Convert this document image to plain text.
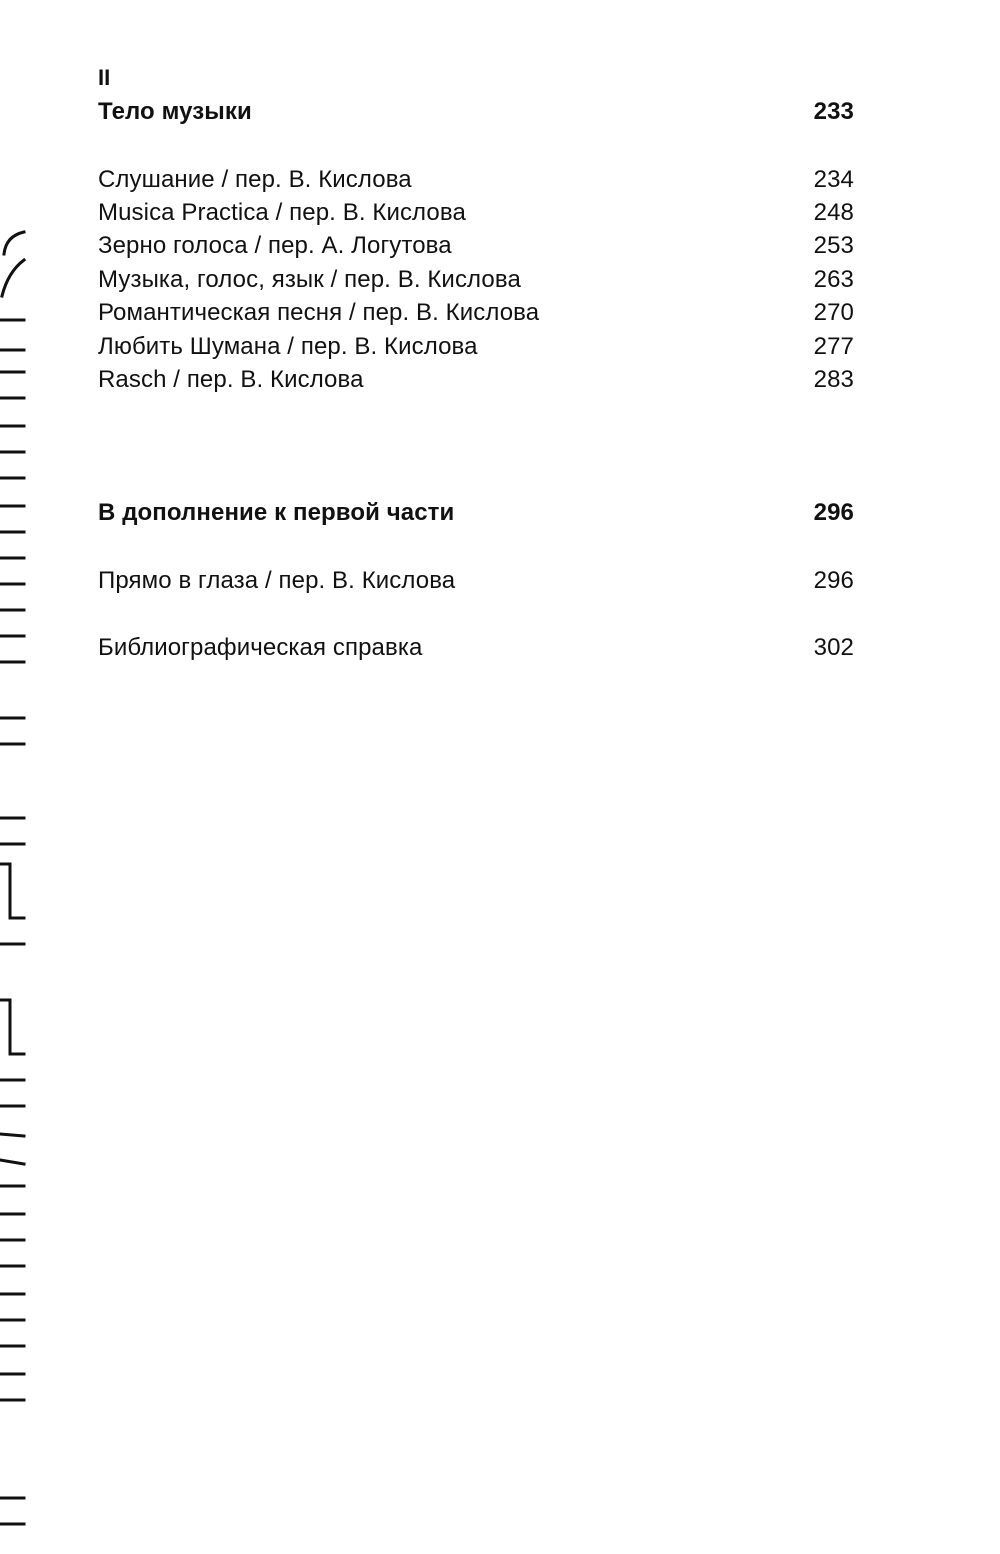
II
Тело музыки	233
Слушание / пер. В. Кислова	234
Musica Practica / пер. В. Кислова	248
Зерно голоса / пер. А. Логутова	253
Музыка, голос, язык / пер. В. Кислова	263
Романтическая песня / пер. В. Кислова	270
Любить Шумана / пер. В. Кислова	277
Rasch / пер. В. Кислова	283
В дополнение к первой части	296
Прямо в глаза / пер. В. Кислова	296
Библиографическая справка	302
